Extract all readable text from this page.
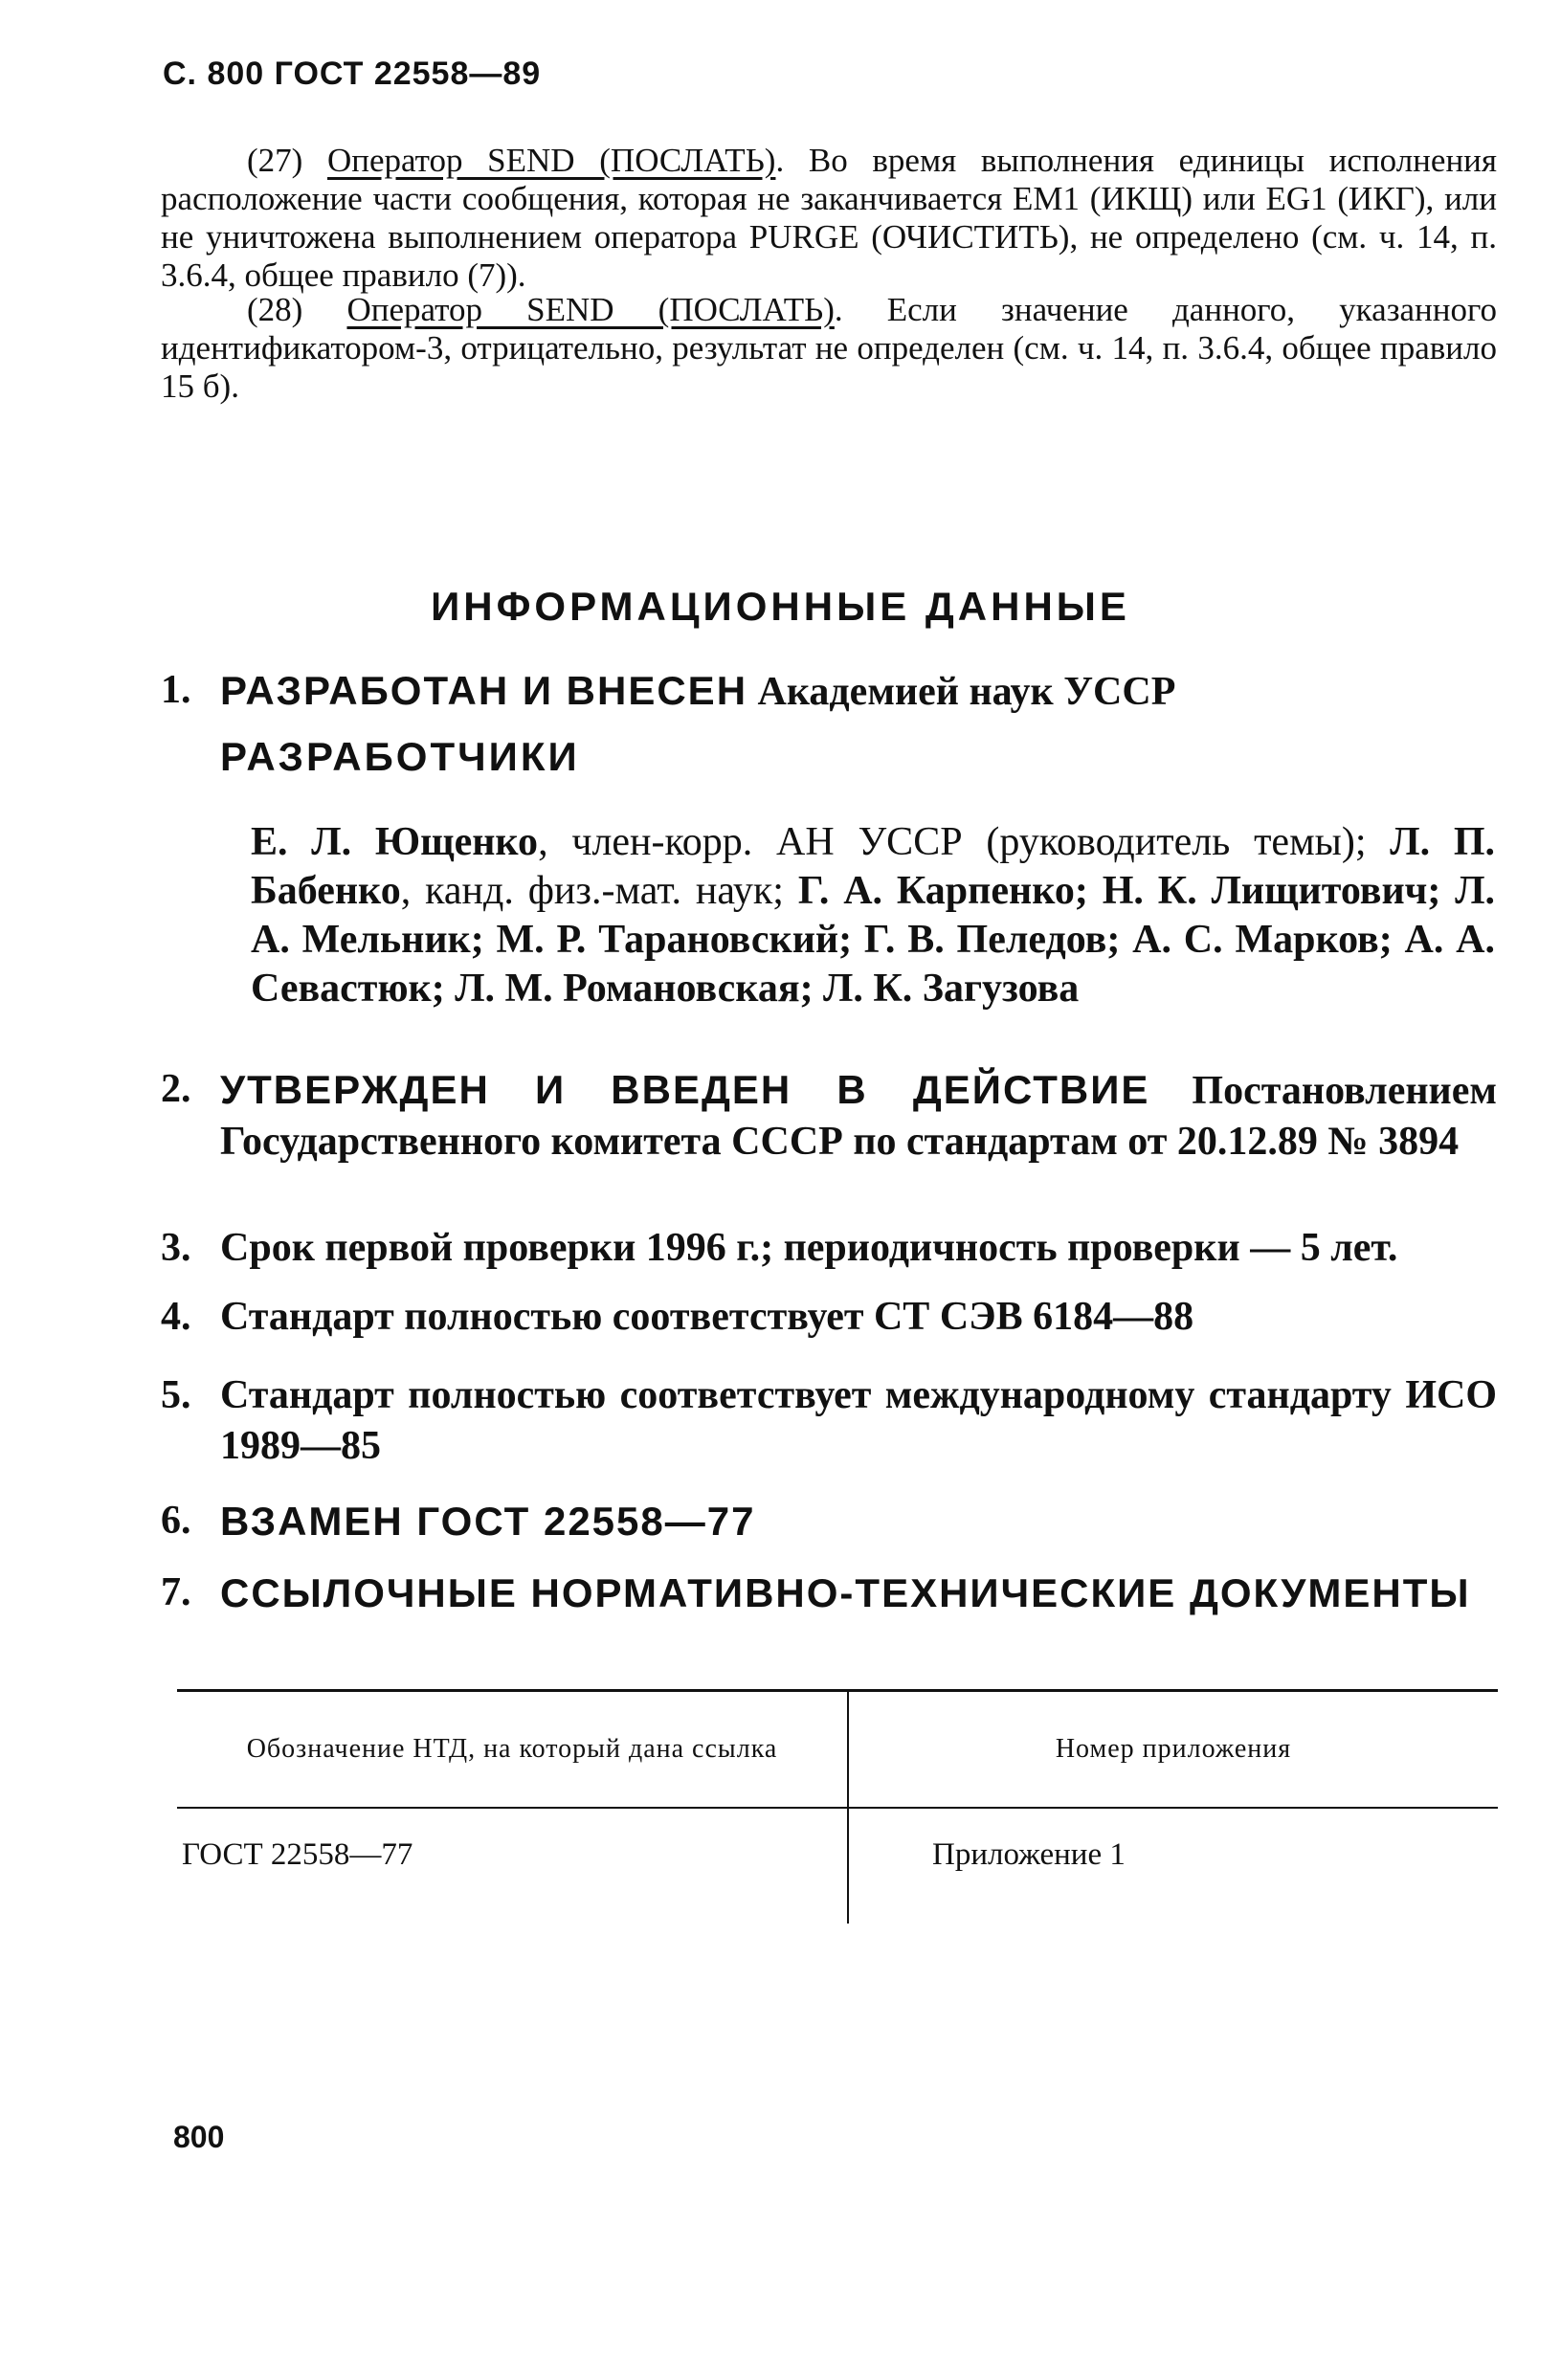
С. 800 ГОСТ 22558—89
(27) Оператор SEND (ПОСЛАТЬ). Во время выполнения единицы исполнения расположение части сообщения, которая не заканчивается EM1 (ИКЩ) или EG1 (ИКГ), или не уничтожена выполнением оператора PURGE (ОЧИСТИТЬ), не определено (см. ч. 14, п. 3.6.4, общее правило (7)).
(28) Оператор SEND (ПОСЛАТЬ). Если значение данного, указанного идентификатором-3, отрицательно, результат не определен (см. ч. 14, п. 3.6.4, общее правило 15 б).
ИНФОРМАЦИОННЫЕ ДАННЫЕ
1. РАЗРАБОТАН И ВНЕСЕН Академией наук УССР
РАЗРАБОТЧИКИ
Е. Л. Ющенко, член-корр. АН УССР (руководитель темы); Л. П. Бабенко, канд. физ.-мат. наук; Г. А. Карпенко; Н. К. Лищитович; Л. А. Мельник; М. Р. Тарановский; Г. В. Пеледов; А. С. Марков; А. А. Севастюк; Л. М. Романовская; Л. К. Загузова
2. УТВЕРЖДЕН И ВВЕДЕН В ДЕЙСТВИЕ Постановлением Государственного комитета СССР по стандартам от 20.12.89 № 3894
3. Срок первой проверки 1996 г.; периодичность проверки — 5 лет.
4. Стандарт полностью соответствует СТ СЭВ 6184—88
5. Стандарт полностью соответствует международному стандарту ИСО 1989—85
6. ВЗАМЕН ГОСТ 22558—77
7. ССЫЛОЧНЫЕ НОРМАТИВНО-ТЕХНИЧЕСКИЕ ДОКУМЕНТЫ
Обозначение НТД, на который дана ссылка	Номер приложения
ГОСТ 22558—77	Приложение 1
800
